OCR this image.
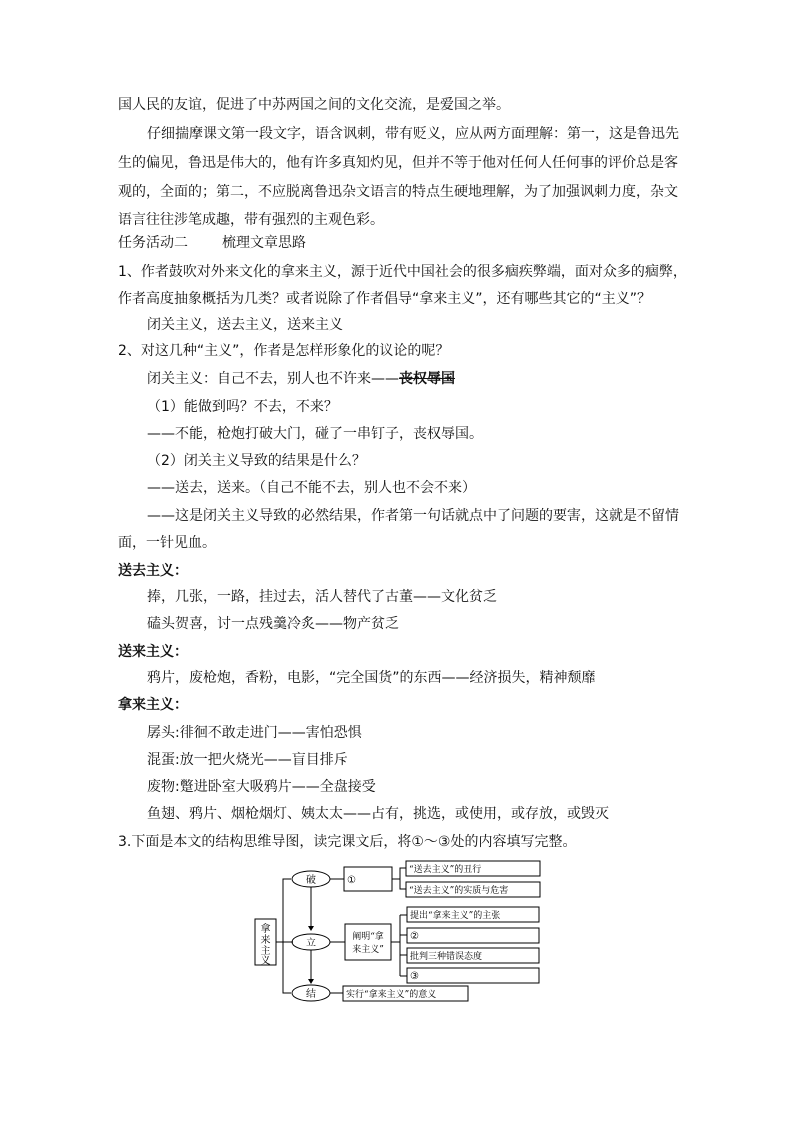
国人民的友谊，促进了中苏两国之间的文化交流，是爱国之举。
仔细揣摩课文第一段文字，语含讽刺，带有贬义，应从两方面理解：第一，这是鲁迅先
生的偏见，鲁迅是伟大的，他有许多真知灼见，但并不等于他对任何人任何事的评价总是客
观的，全面的；第二，不应脱离鲁迅杂文语言的特点生硬地理解，为了加强讽刺力度，杂文
语言往往涉笔成趣，带有强烈的主观色彩。
任务活动二 梳理文章思路
1、作者鼓吹对外来文化的拿来主义，源于近代中国社会的很多痼疾弊端，面对众多的痼弊，
作者高度抽象概括为几类？或者说除了作者倡导“拿来主义”，还有哪些其它的“主义”？
闭关主义，送去主义，送来主义
2、对这几种“主义”，作者是怎样形象化的议论的呢？
闭关主义：自己不去，别人也不许来——丧权辱国
（1）能做到吗？不去，不来？
——不能，枪炮打破大门，碰了一串钉子，丧权辱国。
（2）闭关主义导致的结果是什么？
——送去，送来。（自己不能不去，别人也不会不来）
——这是闭关主义导致的必然结果，作者第一句话就点中了问题的要害，这就是不留情
面，一针见血。
送去主义：
捧，几张，一路，挂过去，活人替代了古董——文化贫乏
磕头贺喜，讨一点残羹冷炙——物产贫乏
送来主义：
鸦片，废枪炮，香粉，电影，“完全国货”的东西——经济损失，精神颓靡
拿来主义：
孱头:徘徊不敢走进门——害怕恐惧
混蛋:放一把火烧光——盲目排斥
废物:蹩进卧室大吸鸦片——全盘接受
鱼翅、鸦片、烟枪烟灯、姨太太——占有，挑选，或使用，或存放，或毁灭
3.下面是本文的结构思维导图，读完课文后，将①～③处的内容填写完整。
拿
来
主
义
破
立
结
①
“送去主义”的丑行
“送去主义”的实质与危害
阐明“拿
来主义”
提出“拿来主义”的主张
②
批判三种错误态度
③
实行“拿来主义”的意义
